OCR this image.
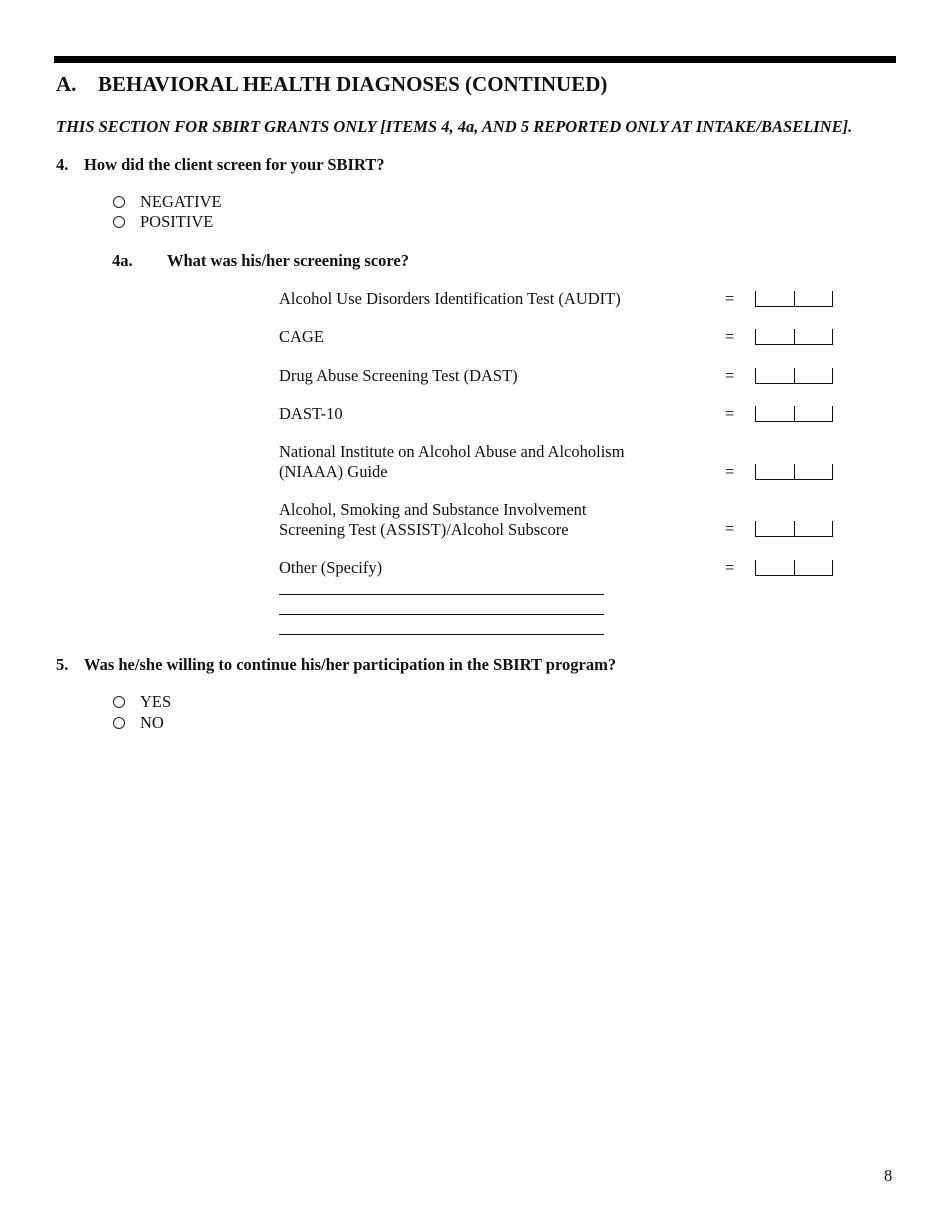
A. BEHAVIORAL HEALTH DIAGNOSES (CONTINUED)
THIS SECTION FOR SBIRT GRANTS ONLY [ITEMS 4, 4a, AND 5 REPORTED ONLY AT INTAKE/BASELINE].
4. How did the client screen for your SBIRT?
NEGATIVE
POSITIVE
4a. What was his/her screening score?
Alcohol Use Disorders Identification Test (AUDIT)	=
CAGE	=
Drug Abuse Screening Test (DAST)	=
DAST-10	=
National Institute on Alcohol Abuse and Alcoholism
(NIAAA) Guide	=
Alcohol, Smoking and Substance Involvement
Screening Test (ASSIST)/Alcohol Subscore	=
Other (Specify)	=
5. Was he/she willing to continue his/her participation in the SBIRT program?
YES
NO
8
